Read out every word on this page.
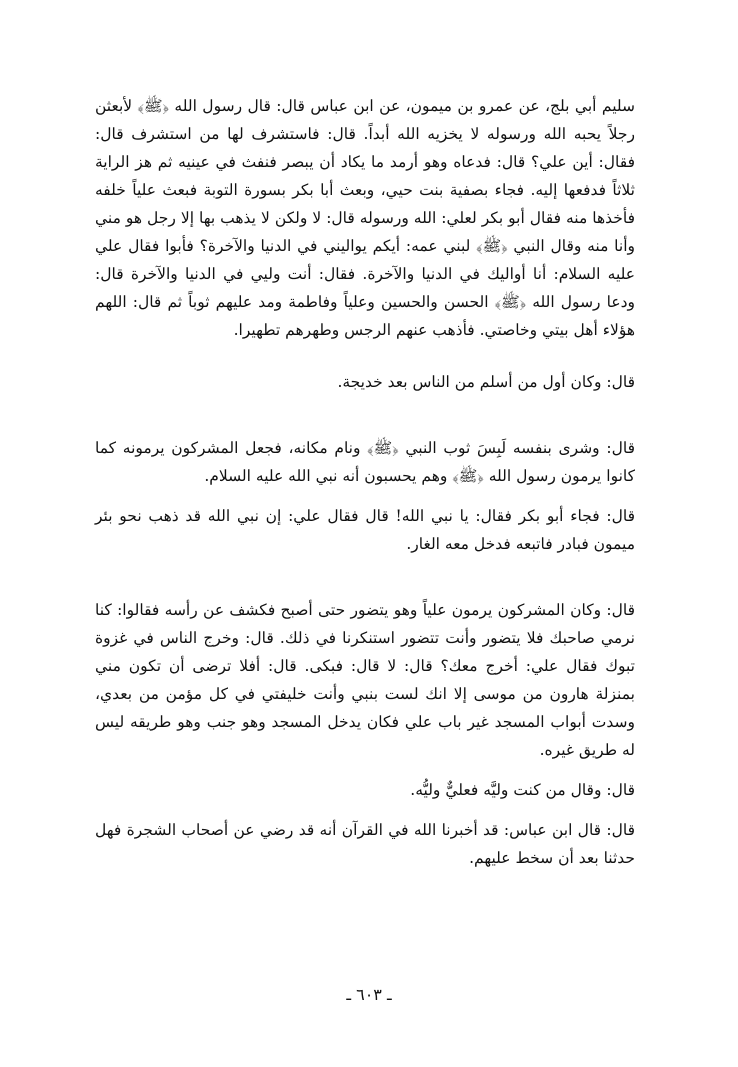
سليم أبي بلج، عن عمرو بن ميمون، عن ابن عباس قال: قال رسول الله ﴿ﷺ﴾ لأبعثن رجلاً يحبه الله ورسوله لا يخزيه الله أبداً. قال: فاستشرف لها من استشرف قال: فقال: أين علي؟ قال: فدعاه وهو أرمد ما يكاد أن يبصر فنفث في عينيه ثم هز الراية ثلاثاً فدفعها إليه. فجاء بصفية بنت حيي، وبعث أبا بكر بسورة التوبة فبعث علياً خلفه فأخذها منه فقال أبو بكر لعلي: الله ورسوله قال: لا ولكن لا يذهب بها إلا رجل هو مني وأنا منه وقال النبي ﴿ﷺ﴾ لبني عمه: أيكم يواليني في الدنيا والآخرة؟ فأبوا فقال علي عليه السلام: أنا أواليك في الدنيا والآخرة. فقال: أنت وليي في الدنيا والآخرة قال: ودعا رسول الله ﴿ﷺ﴾ الحسن والحسين وعلياً وفاطمة ومد عليهم ثوباً ثم قال: اللهم هؤلاء أهل بيتي وخاصتي. فأذهب عنهم الرجس وطهرهم تطهيرا.

قال: وكان أول من أسلم من الناس بعد خديجة.

قال: وشرى بنفسه لَبِسَ ثوب النبي ﴿ﷺ﴾ ونام مكانه، فجعل المشركون يرمونه كما كانوا يرمون رسول الله ﴿ﷺ﴾ وهم يحسبون أنه نبي الله عليه السلام.

قال: فجاء أبو بكر فقال: يا نبي الله! قال فقال علي: إن نبي الله قد ذهب نحو بئر ميمون فبادر فاتبعه فدخل معه الغار.

قال: وكان المشركون يرمون علياً وهو يتضور حتى أصبح فكشف عن رأسه فقالوا: كنا نرمي صاحبك فلا يتضور وأنت تتضور استنكرنا في ذلك. قال: وخرج الناس في غزوة تبوك فقال علي: أخرج معك؟ قال: لا قال: فبكى. قال: أفلا ترضى أن تكون مني بمنزلة هارون من موسى إلا انك لست بنبي وأنت خليفتي في كل مؤمن من بعدي، وسدت أبواب المسجد غير باب علي فكان يدخل المسجد وهو جنب وهو طريقه ليس له طريق غيره.

قال: وقال من كنت وليَّه فعليٌّ وليُّه.

قال: قال ابن عباس: قد أخبرنا الله في القرآن أنه قد رضي عن أصحاب الشجرة فهل حدثنا بعد أن سخط عليهم.

ـ ٦٠٣ ـ
